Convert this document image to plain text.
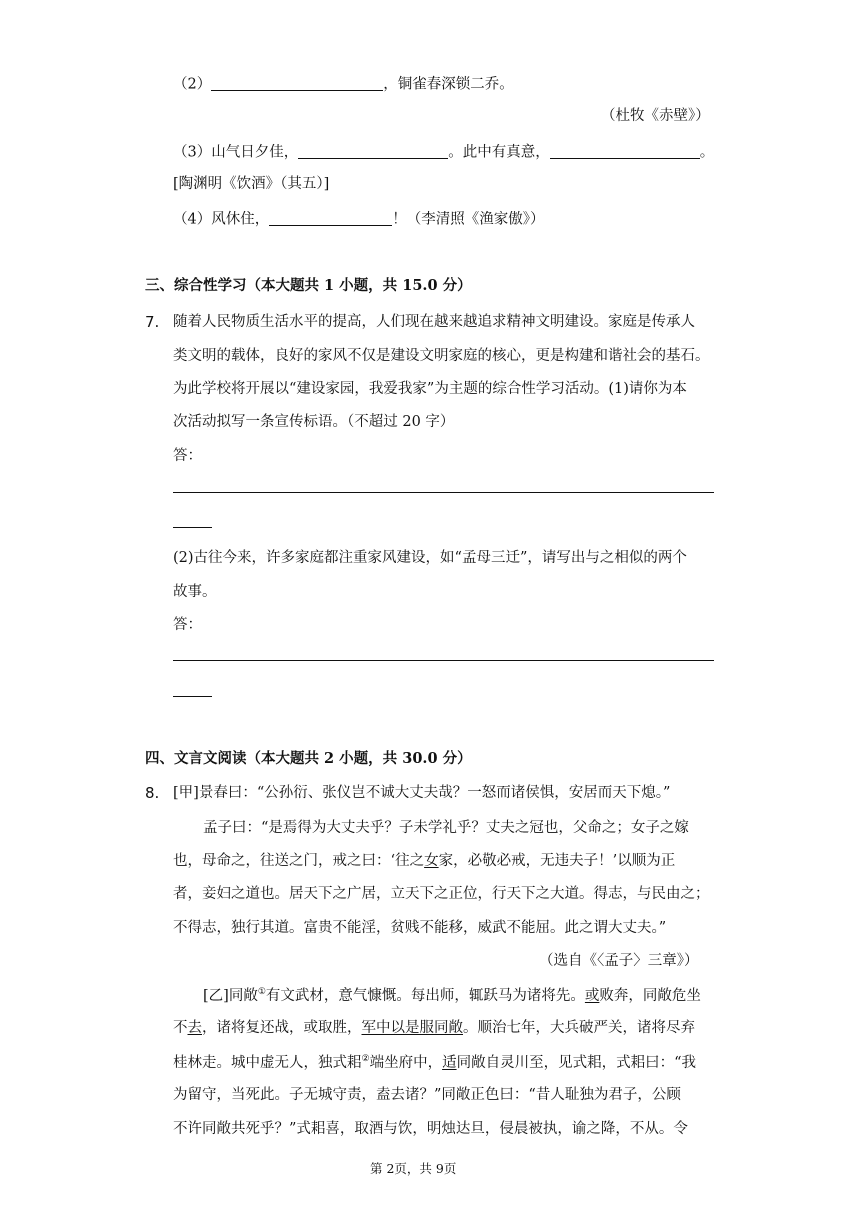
（2）	，铜雀春深锁二乔。
（杜牧《赤壁》）
（3）山气日夕佳，	。此中有真意，	。
[陶渊明《饮酒》（其五）]
（4）风休住，	！（李清照《渔家傲》）
三、综合性学习（本大题共 1 小题，共 15.0 分）
7. 随着人民物质生活水平的提高，人们现在越来越追求精神文明建设。家庭是传承人
类文明的载体，良好的家风不仅是建设文明家庭的核心，更是构建和谐社会的基石。
为此学校将开展以“建设家园，我爱我家”为主题的综合性学习活动。(1)请你为本
次活动拟写一条宣传标语。（不超过 20 字）
答：
(2)古往今来，许多家庭都注重家风建设，如“孟母三迁”，请写出与之相似的两个
故事。
答：
四、文言文阅读（本大题共 2 小题，共 30.0 分）
8. [甲]景春曰：“公孙衍、张仪岂不诚大丈夫哉？一怒而诸侯惧，安居而天下熄。”
孟子曰：“是焉得为大丈夫乎？子未学礼乎？丈夫之冠也，父命之；女子之嫁
也，母命之，往送之门，戒之曰：‘往之女家，必敬必戒，无违夫子！’以顺为正
者，妾妇之道也。居天下之广居，立天下之正位，行天下之大道。得志，与民由之；
不得志，独行其道。富贵不能淫，贫贱不能移，威武不能屈。此之谓大丈夫。”
（选自《〈孟子〉三章》）
[乙]同敞①有文武材，意气慷慨。每出师，辄跃马为诸将先。或败奔，同敞危坐
不去，诸将复还战，或取胜，军中以是服同敞。顺治七年，大兵破严关，诸将尽弃
桂林走。城中虚无人，独式耜②端坐府中，适同敞自灵川至，见式耜，式耜曰：“我
为留守，当死此。子无城守责，盍去诸？”同敞正色曰：“昔人耻独为君子，公顾
不许同敞共死乎？”式耜喜，取酒与饮，明烛达旦，侵晨被执，谕之降，不从。令
第 2页，共 9页
